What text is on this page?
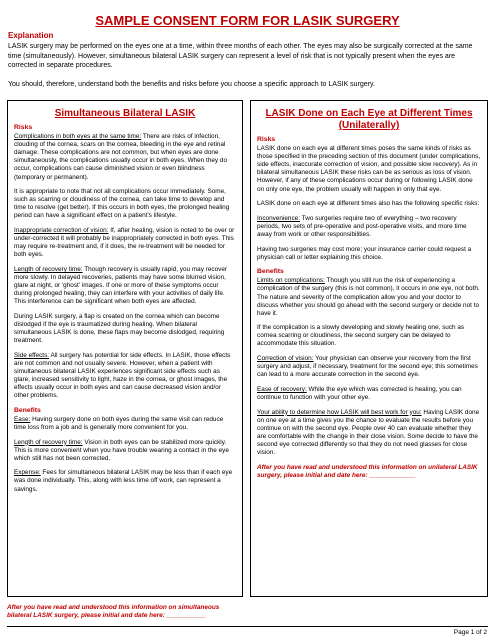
SAMPLE CONSENT FORM FOR LASIK SURGERY
Explanation
LASIK surgery may be performed on the eyes one at a time, within three months of each other. The eyes may also be surgically corrected at the same time (simultaneously). However, simultaneous bilateral LASIK surgery can represent a level of risk that is not typically present when the eyes are corrected in separate procedures.
You should, therefore, understand both the benefits and risks before you choose a specific approach to LASIK surgery.
Simultaneous Bilateral LASIK
Risks

Complications in both eyes at the same time: There are risks of infection, clouding of the cornea, scars on the cornea, bleeding in the eye and retinal damage. These complications are not common, but when eyes are done simultaneously, the complications usually occur in both eyes. When they do occur, complications can cause diminished vision or even blindness (temporary or permanent).

It is appropriate to note that not all complications occur immediately. Some, such as scarring or cloudiness of the cornea, can take time to develop and time to resolve (get better). If this occurs in both eyes, the prolonged healing period can have a significant effect on a patient's lifestyle.

Inappropriate correction of vision: If, after healing, vision is noted to be over or under-corrected it will probably be inappropriately corrected in both eyes. This may require re-treatment and, if it does, the re-treatment will be needed for both eyes.

Length of recovery time: Though recovery is usually rapid, you may recover more slowly. In delayed recoveries, patients may have some blurred vision, glare at night, or 'ghost' images. If one or more of these symptoms occur during prolonged healing, they can interfere with your activities of daily life. This interference can be significant when both eyes are affected.

During LASIK surgery, a flap is created on the cornea which can become dislodged if the eye is traumatized during healing. When bilateral simultaneous LASIK is done, these flaps may become dislodged, requiring treatment.

Side effects: All surgery has potential for side effects. In LASIK, those effects are not common and not usually severe. However, when a patient with simultaneous bilateral LASIK experiences significant side effects such as glare, increased sensitivity to light, haze in the cornea, or ghost images, the effects usually occur in both eyes and can cause decreased vision and/or other problems.

Benefits

Ease: Having surgery done on both eyes during the same visit can reduce time loss from a job and is generally more convenient for you.

Length of recovery time: Vision in both eyes can be stabilized more quickly. This is more convenient when you have trouble wearing a contact in the eye which still has not been corrected.

Expense: Fees for simultaneous bilateral LASIK may be less than if each eye was done individually. This, along with less time off work, can represent a savings.

LASIK Done on Each Eye at Different Times (Unilaterally)
Risks

LASIK done on each eye at different times poses the same kinds of risks as those specified in the preceding section of this document (under complications, side effects, inaccurate correction of vision, and possible slow recovery). As in bilateral simultaneous LASIK these risks can be as serious as loss of vision. However, if any of these complications occur during or following LASIK done on only one eye, the problem usually will happen in only that eye.

LASIK done on each eye at different times also has the following specific risks:

Inconvenience: Two surgeries require two of everything – two recovery periods, two sets of pre-operative and post-operative visits, and more time away from work or other responsibilities.

Having two surgeries may cost more; your insurance carrier could request a physician call or letter explaining this choice.

Benefits

Limits on complications: Though you still run the risk of experiencing a complication of the surgery (this is not common), it occurs in one eye, not both. The nature and severity of the complication allow you and your doctor to discuss whether you should go ahead with the second surgery or decide not to have it.

If the complication is a slowly developing and slowly healing one, such as cornea scarring or cloudiness, the second surgery can be delayed to accommodate this situation.

Correction of vision: Your physician can observe your recovery from the first surgery and adjust, if necessary, treatment for the second eye; this sometimes can lead to a more accurate correction in the second eye.

Ease of recovery: While the eye which was corrected is healing, you can continue to function with your other eye.

Your ability to determine how LASIK will best work for you: Having LASIK done on one eye at a time gives you the chance to evaluate the results before you continue on with the second eye. People over 40 can evaluate whether they are comfortable with the change in their close vision. Some decide to have the second eye corrected differently so that they do not need glasses for close vision.

After you have read and understood this information on unilateral LASIK surgery, please initial and date here: _____________

After you have read and understood this information on simultaneous bilateral LASIK surgery, please initial and date here: ___________
Page 1 of 2
